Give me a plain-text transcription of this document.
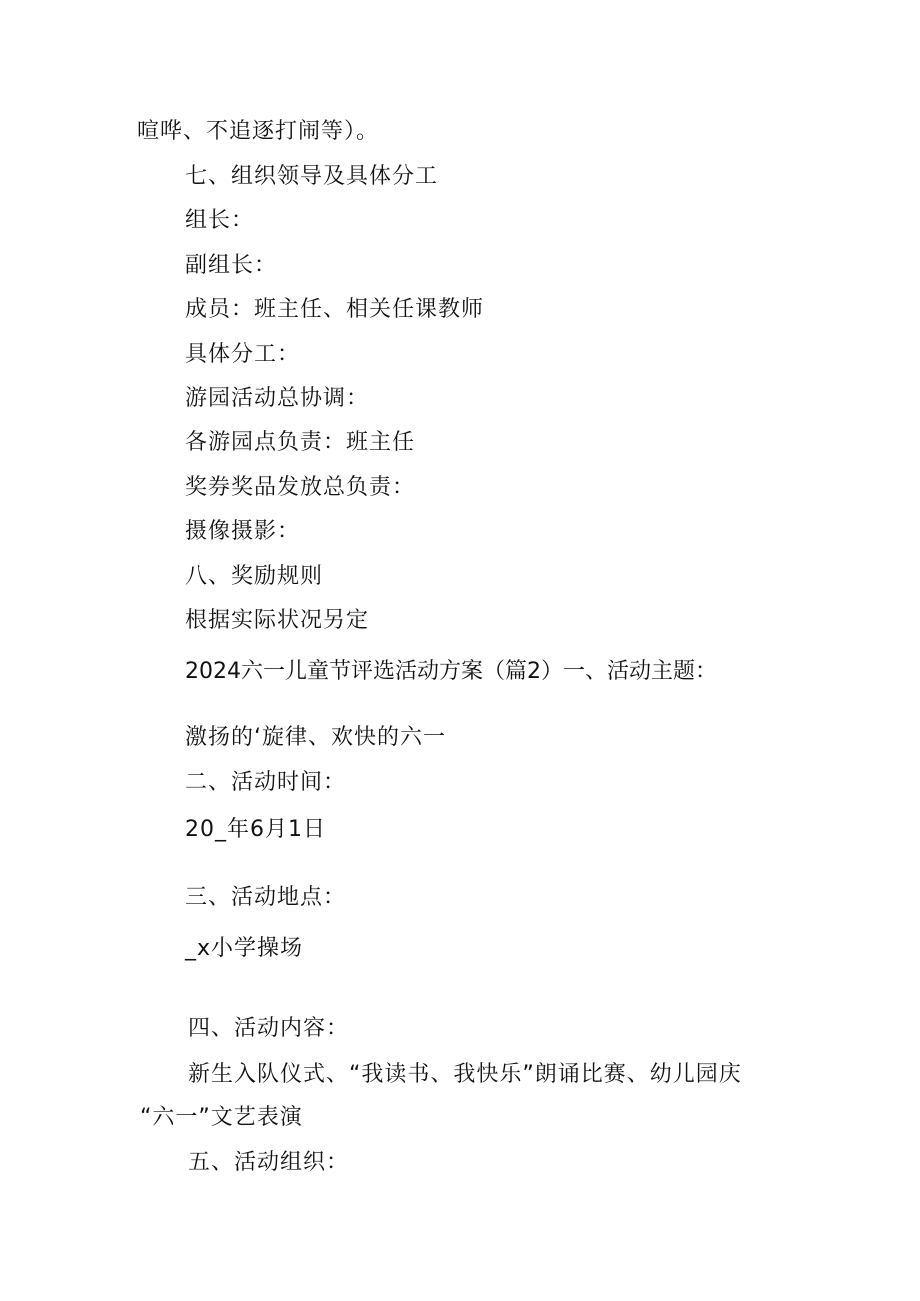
喧哗、不追逐打闹等）。
七、组织领导及具体分工
组长：
副组长：
成员：班主任、相关任课教师
具体分工：
游园活动总协调：
各游园点负责：班主任
奖券奖品发放总负责：
摄像摄影：
八、奖励规则
根据实际状况另定
2024六一儿童节评选活动方案（篇2）一、活动主题：
激扬的‘旋律、欢快的六一
二、活动时间：
20_年6月1日
三、活动地点：
_x小学操场
四、活动内容：
新生入队仪式、“我读书、我快乐”朗诵比赛、幼儿园庆
“六一”文艺表演
五、活动组织：
